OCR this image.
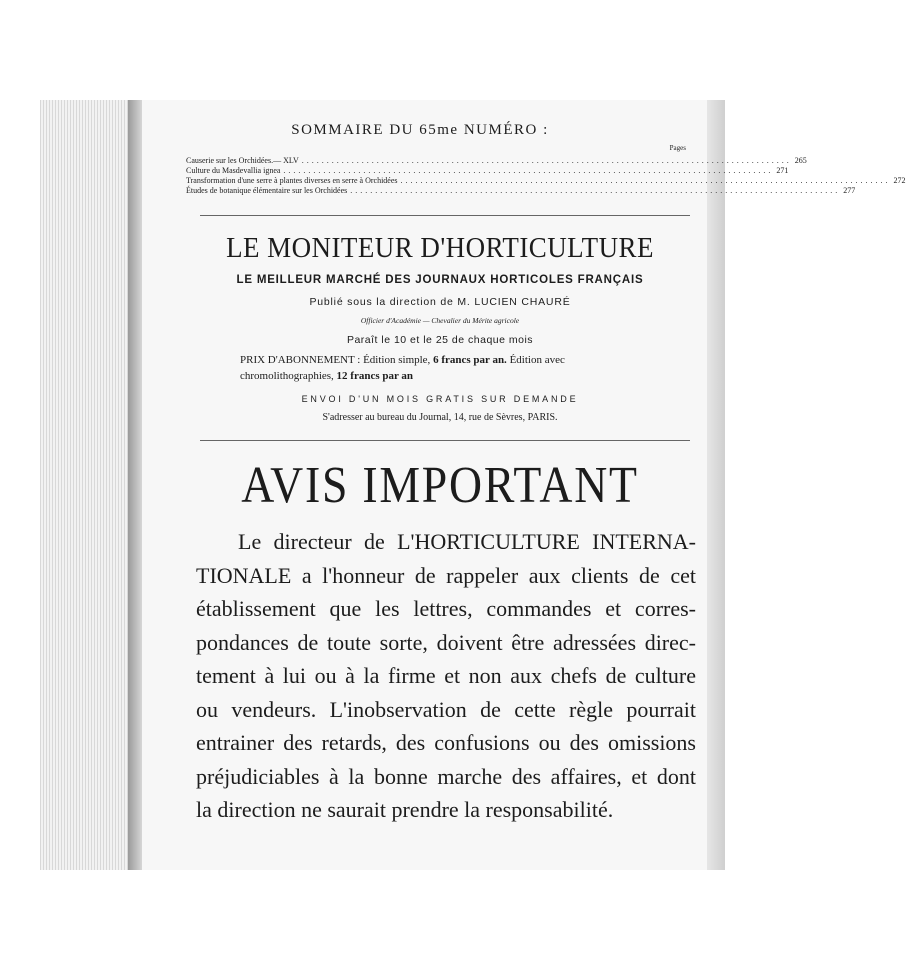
SOMMAIRE DU 65me NUMÉRO :
Pages
Causerie sur les Orchidées.— XLV .................................................................................................. 265
Culture du Masdevallia ignea .................................................................................................. 271
Transformation d'une serre à plantes diverses en serre à Orchidées .................................................................................................. 272
Études de botanique élémentaire sur les Orchidées .................................................................................................. 277
LE MONITEUR D'HORTICULTURE
LE MEILLEUR MARCHÉ DES JOURNAUX HORTICOLES FRANÇAIS
Publié sous la direction de M. LUCIEN CHAURÉ
Officier d'Académie — Chevalier du Mérite agricole
Paraît le 10 et le 25 de chaque mois
PRIX D'ABONNEMENT : Édition simple, 6 francs par an. Édition avec
chromolithographies, 12 francs par an
ENVOI D'UN MOIS GRATIS SUR DEMANDE
S'adresser au bureau du Journal, 14, rue de Sèvres, PARIS.
AVIS IMPORTANT
Le directeur de L'HORTICULTURE INTERNA-
TIONALE a l'honneur de rappeler aux clients de cet
établissement que les lettres, commandes et corres-
pondances de toute sorte, doivent être adressées direc-
tement à lui ou à la firme et non aux chefs de culture
ou vendeurs. L'inobservation de cette règle pourrait
entrainer des retards, des confusions ou des omissions
préjudiciables à la bonne marche des affaires, et dont
la direction ne saurait prendre la responsabilité.
